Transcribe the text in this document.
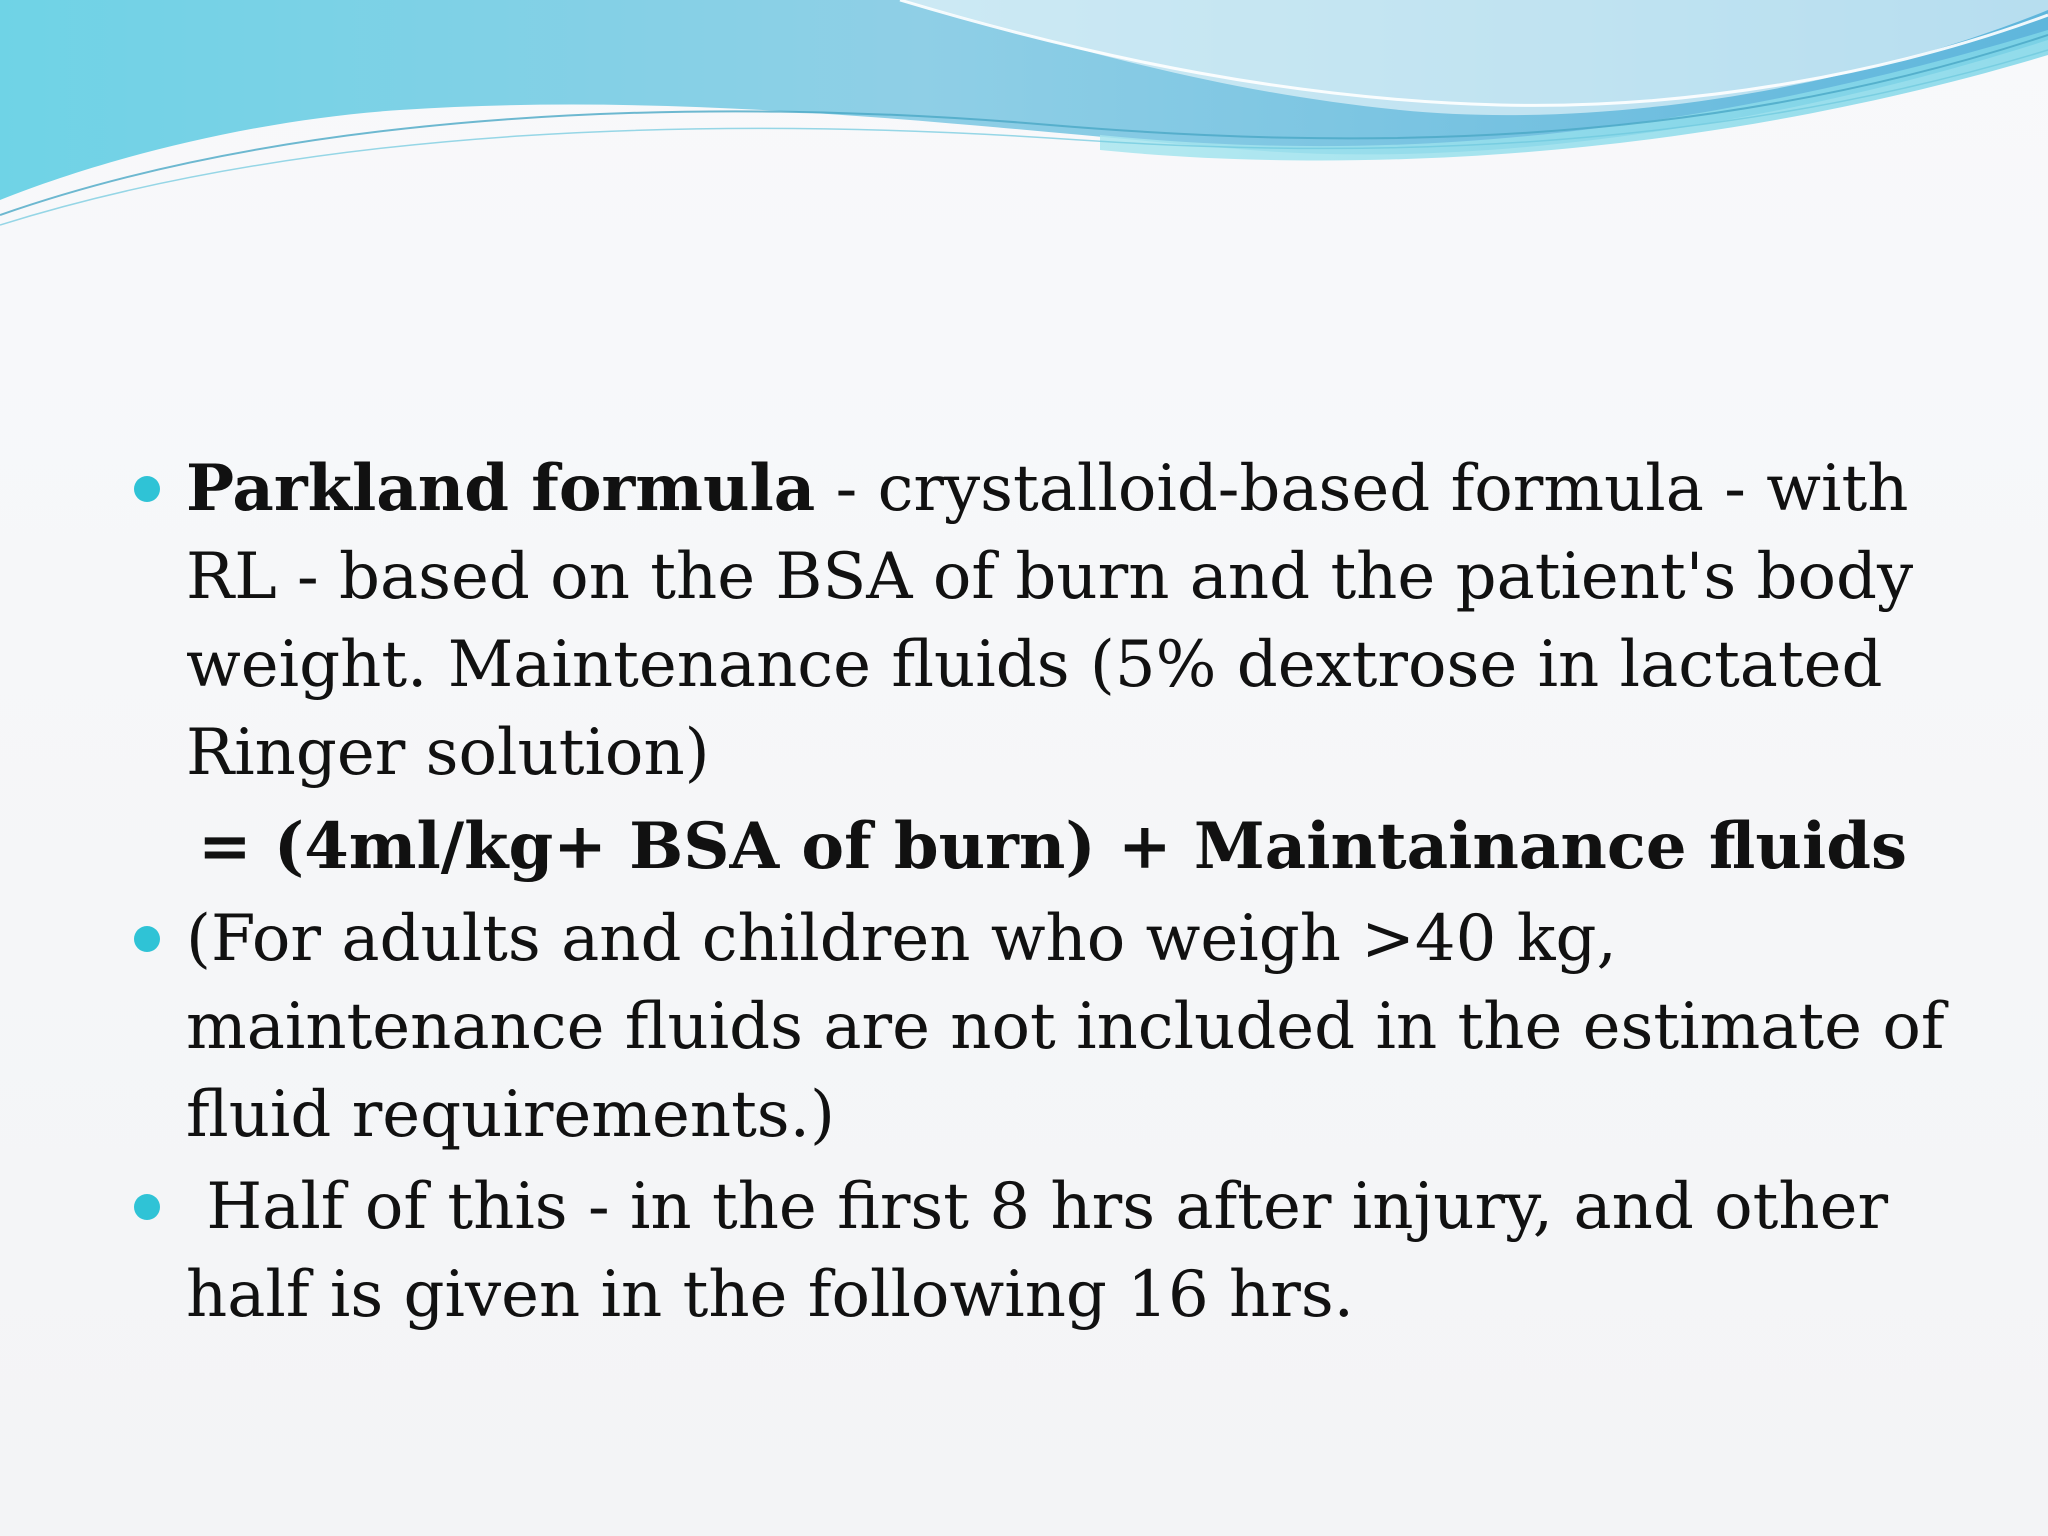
Parkland formula - crystalloid-based formula - with RL - based on the BSA of burn and the patient's body weight. Maintenance fluids (5% dextrose in lactated Ringer solution)
= (4ml/kg+ BSA of burn) + Maintainance fluids
(For adults and children who weigh >40 kg, maintenance fluids are not included in the estimate of fluid requirements.)
Half of this - in the first 8 hrs after injury, and other half is given in the following 16 hrs.
